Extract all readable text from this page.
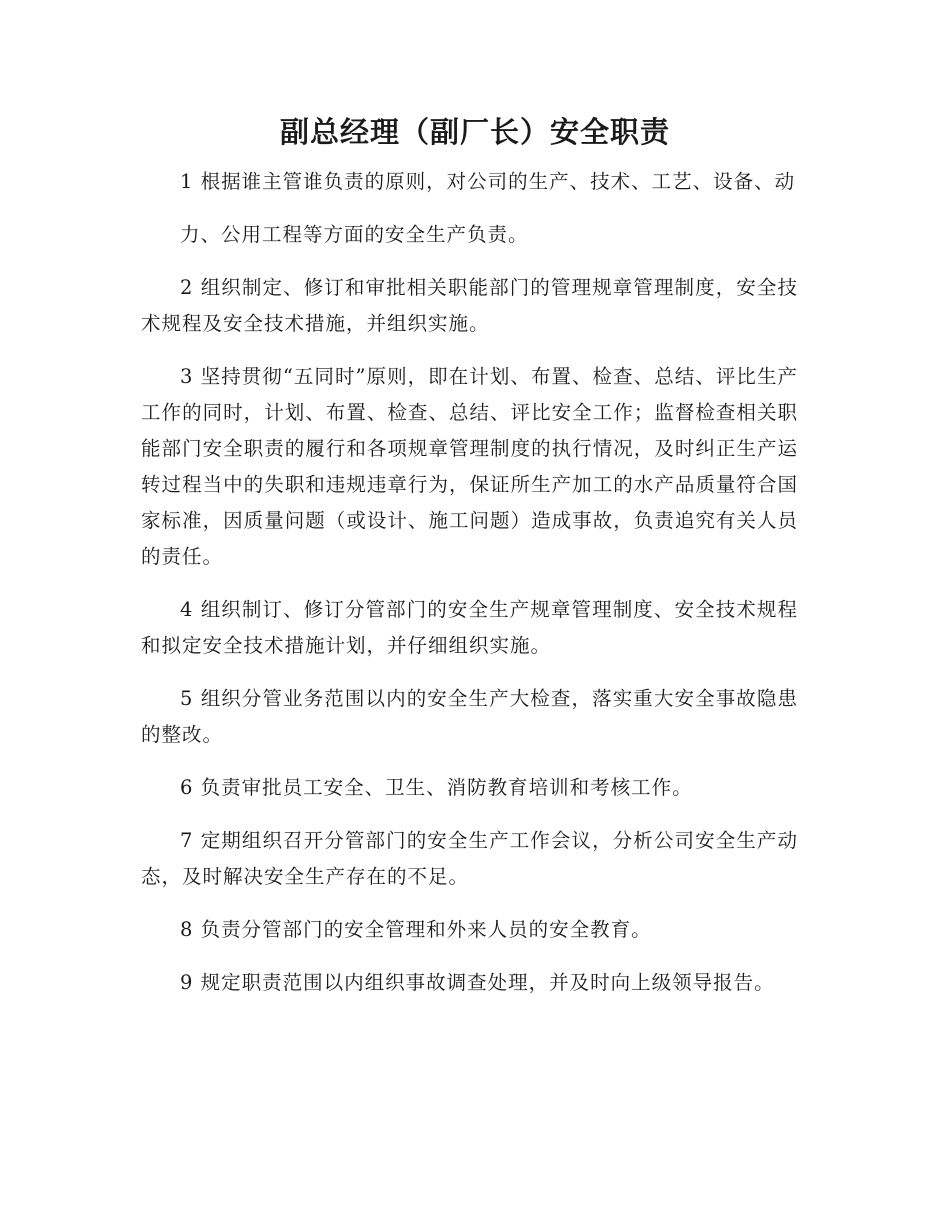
副总经理（副厂长）安全职责

1 根据谁主管谁负责的原则，对公司的生产、技术、工艺、设备、动

力、公用工程等方面的安全生产负责。

2 组织制定、修订和审批相关职能部门的管理规章管理制度，安全技术规程及安全技术措施，并组织实施。

3 坚持贯彻“五同时”原则，即在计划、布置、检查、总结、评比生产工作的同时，计划、布置、检查、总结、评比安全工作；监督检查相关职能部门安全职责的履行和各项规章管理制度的执行情况，及时纠正生产运转过程当中的失职和违规违章行为，保证所生产加工的水产品质量符合国家标准，因质量问题（或设计、施工问题）造成事故，负责追究有关人员的责任。

4 组织制订、修订分管部门的安全生产规章管理制度、安全技术规程和拟定安全技术措施计划，并仔细组织实施。

5 组织分管业务范围以内的安全生产大检查，落实重大安全事故隐患的整改。

6 负责审批员工安全、卫生、消防教育培训和考核工作。

7 定期组织召开分管部门的安全生产工作会议，分析公司安全生产动态，及时解决安全生产存在的不足。

8 负责分管部门的安全管理和外来人员的安全教育。

9 规定职责范围以内组织事故调查处理，并及时向上级领导报告。
